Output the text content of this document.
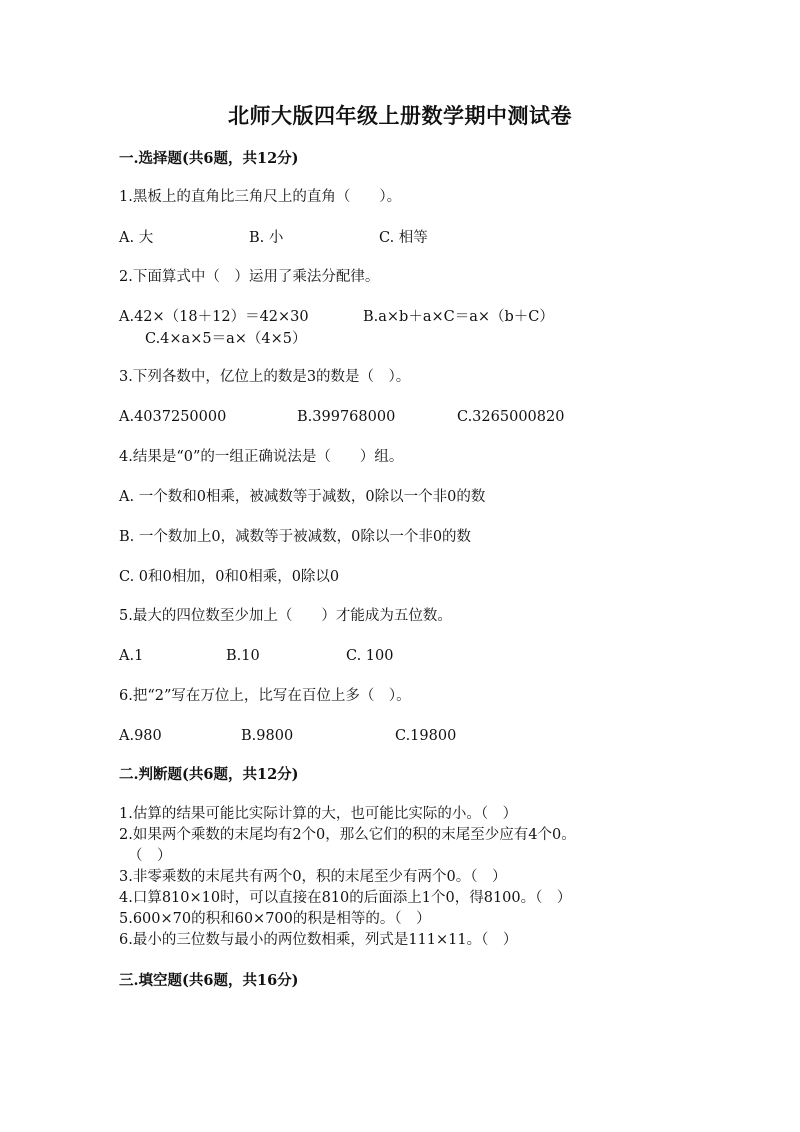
北师大版四年级上册数学期中测试卷
一.选择题(共6题，共12分)
1.黑板上的直角比三角尺上的直角（　　）。
A. 大	B. 小	C. 相等
2.下面算式中（　）运用了乘法分配律。
A.42×（18＋12）＝42×30	B.a×b＋a×C＝a×（b＋C）
C.4×a×5＝a×（4×5）
3.下列各数中，亿位上的数是3的数是（　）。
A.4037250000	B.399768000	C.3265000820
4.结果是“0”的一组正确说法是（　　）组。
A. 一个数和0相乘，被减数等于减数，0除以一个非0的数
B. 一个数加上0，减数等于被减数，0除以一个非0的数
C. 0和0相加，0和0相乘，0除以0
5.最大的四位数至少加上（　　）才能成为五位数。
A.1	B.10	C. 100
6.把“2”写在万位上，比写在百位上多（　）。
A.980	B.9800	C.19800
二.判断题(共6题，共12分)
1.估算的结果可能比实际计算的大，也可能比实际的小。（　）
2.如果两个乘数的末尾均有2个0，那么它们的积的末尾至少应有4个0。
（　）
3.非零乘数的末尾共有两个0，积的末尾至少有两个0。（　）
4.口算810×10时，可以直接在810的后面添上1个0，得8100。（　）
5.600×70的积和60×700的积是相等的。（　）
6.最小的三位数与最小的两位数相乘，列式是111×11。（　）
三.填空题(共6题，共16分)
